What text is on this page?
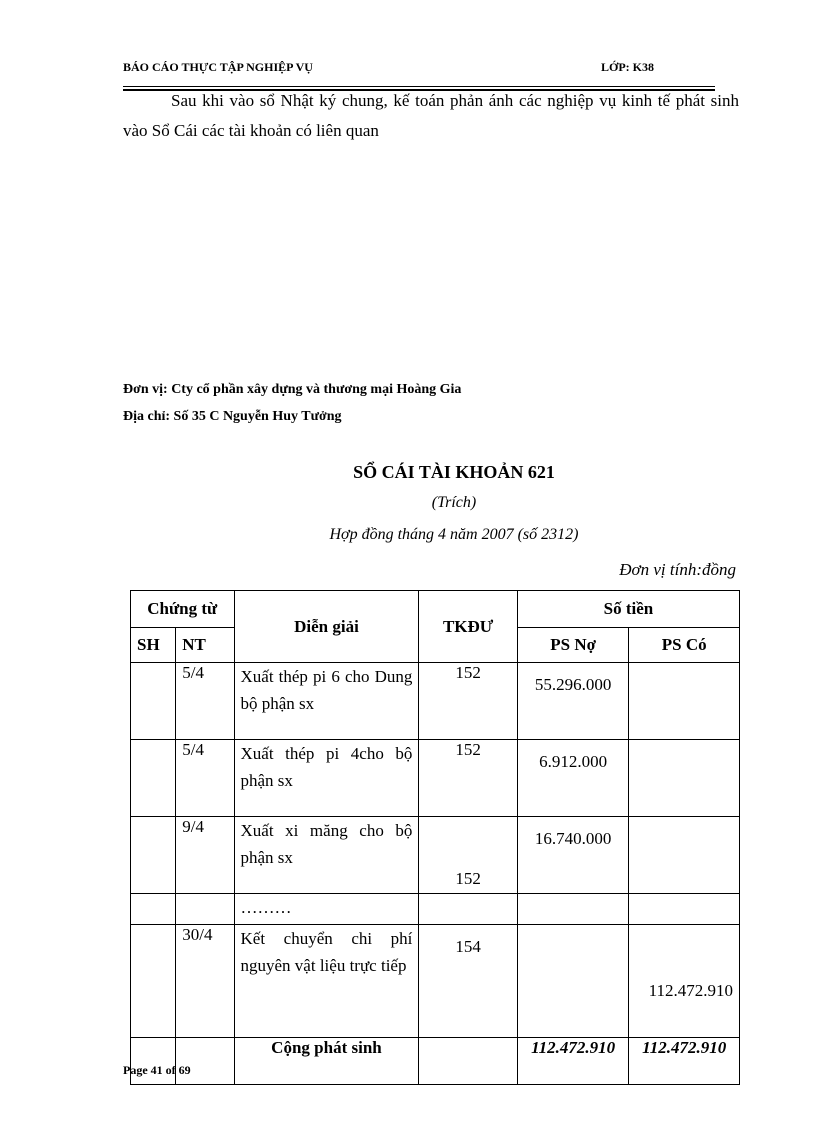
BÁO CÁO THỰC TẬP NGHIỆP VỤ	LỚP: K38

Sau khi vào sổ Nhật ký chung, kế toán phản ánh các nghiệp vụ kinh tế phát sinh vào Sổ Cái các tài khoản có liên quan

Đơn vị: Cty cổ phần xây dựng và thương mại Hoàng Gia
Địa chỉ: Số 35 C Nguyễn Huy Tưởng
SỔ CÁI TÀI KHOẢN 621
(Trích)
Hợp đồng tháng 4 năm 2007 (số 2312)
Đơn vị tính:đồng
Chứng từ		Diễn giải	TKĐƯ	Số tiền	
SH	NT			PS Nợ	PS Có
	5/4	Xuất thép pi 6 cho Dung bộ phận sx	152	55.296.000	
	5/4	Xuất thép pi 4cho bộ phận sx	152	6.912.000	
	9/4	Xuất xi măng cho bộ phận sx	152	16.740.000	
		………			
	30/4	Kết chuyển chi phí nguyên vật liệu trực tiếp	154		112.472.910
		Cộng phát sinh		112.472.910	112.472.910
Page 41 of 69
